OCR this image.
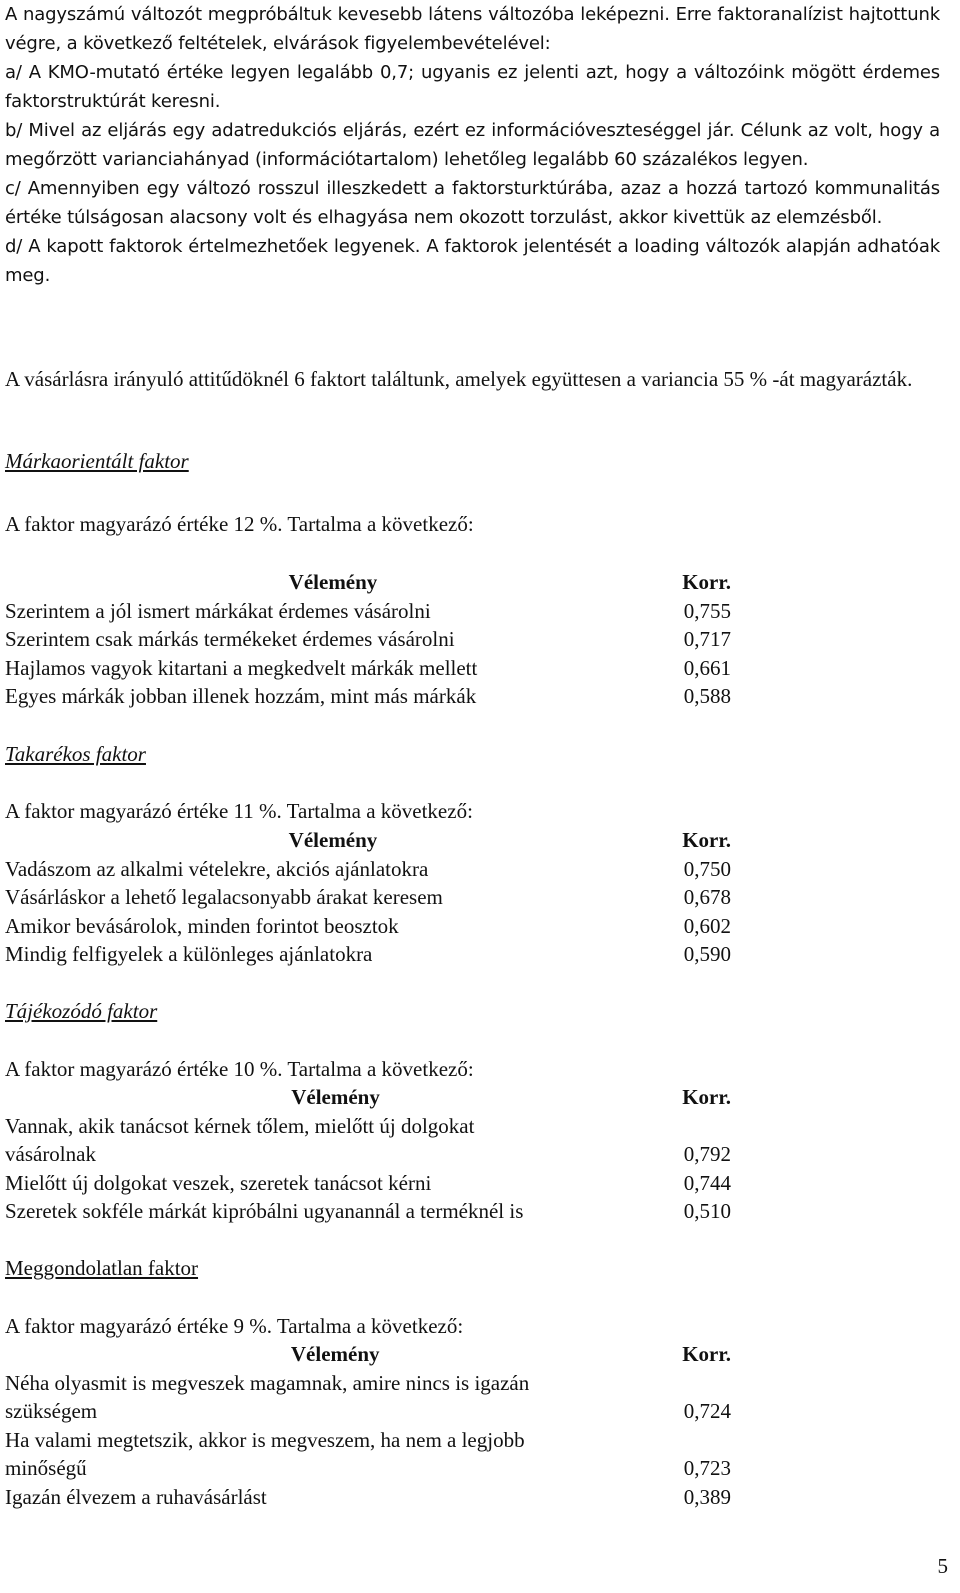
A nagyszámú változót megpróbáltuk kevesebb látens változóba leképezni. Erre faktoranalízist hajtottunk végre, a következő feltételek, elvárások figyelembevételével:

a/ A KMO-mutató értéke legyen legalább 0,7; ugyanis ez jelenti azt, hogy a változóink mögött érdemes faktorstruktúrát keresni.

b/ Mivel az eljárás egy adatredukciós eljárás, ezért ez információveszteséggel jár. Célunk az volt, hogy a megőrzött varianciahányad (információtartalom) lehetőleg legalább 60 százalékos legyen.

c/ Amennyiben egy változó rosszul illeszkedett a faktorsturktúrába, azaz a hozzá tartozó kommunalitás értéke túlságosan alacsony volt és elhagyása nem okozott torzulást, akkor kivettük az elemzésből.

d/ A kapott faktorok értelmezhetőek legyenek. A faktorok jelentését a loading változók alapján adhatóak meg.

A vásárlásra irányuló attitűdöknél 6 faktort találtunk, amelyek együttesen a variancia 55 % -át magyarázták.

Márkaorientált faktor

A faktor magyarázó értéke 12 %. Tartalma a következő:

Vélemény	Korr.
Szerintem a jól ismert márkákat érdemes vásárolni	0,755
Szerintem csak márkás termékeket érdemes vásárolni	0,717
Hajlamos vagyok kitartani a megkedvelt márkák mellett	0,661
Egyes márkák jobban illenek hozzám, mint más márkák	0,588

Takarékos faktor

A faktor magyarázó értéke 11 %. Tartalma a következő:

Vélemény	Korr.
Vadászom az alkalmi vételekre, akciós ajánlatokra	0,750
Vásárláskor a lehető legalacsonyabb árakat keresem	0,678
Amikor bevásárolok, minden forintot beosztok	0,602
Mindig felfigyelek a különleges ajánlatokra	0,590

Tájékozódó faktor

A faktor magyarázó értéke 10 %. Tartalma a következő:

Vélemény	Korr.
Vannak, akik tanácsot kérnek tőlem, mielőtt új dolgokat vásárolnak	0,792
Mielőtt új dolgokat veszek, szeretek tanácsot kérni	0,744
Szeretek sokféle márkát kipróbálni ugyanannál a terméknél is	0,510

Meggondolatlan faktor

A faktor magyarázó értéke 9 %. Tartalma a következő:

Vélemény	Korr.
Néha olyasmit is megveszek magamnak, amire nincs is igazán szükségem	0,724
Ha valami megtetszik, akkor is megveszem, ha nem a legjobb minőségű	0,723
Igazán élvezem a ruhavásárlást	0,389
5
